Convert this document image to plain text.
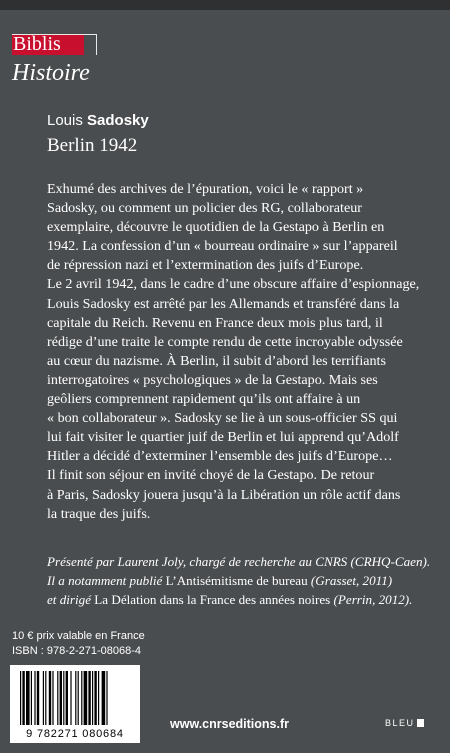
Biblis
Histoire
Louis Sadosky
Berlin 1942
Exhumé des archives de l’épuration, voici le « rapport »
Sadosky, ou comment un policier des RG, collaborateur
exemplaire, découvre le quotidien de la Gestapo à Berlin en
1942. La confession d’un « bourreau ordinaire » sur l’appareil
de répression nazi et l’extermination des juifs d’Europe.
Le 2 avril 1942, dans le cadre d’une obscure affaire d’espionnage,
Louis Sadosky est arrêté par les Allemands et transféré dans la
capitale du Reich. Revenu en France deux mois plus tard, il
rédige d’une traite le compte rendu de cette incroyable odyssée
au cœur du nazisme. À Berlin, il subit d’abord les terrifiants
interrogatoires « psychologiques » de la Gestapo. Mais ses
geôliers comprennent rapidement qu’ils ont affaire à un
« bon collaborateur ». Sadosky se lie à un sous-officier SS qui
lui fait visiter le quartier juif de Berlin et lui apprend qu’Adolf
Hitler a décidé d’exterminer l’ensemble des juifs d’Europe…
Il finit son séjour en invité choyé de la Gestapo. De retour
à Paris, Sadosky jouera jusqu’à la Libération un rôle actif dans
la traque des juifs.
Présenté par Laurent Joly, chargé de recherche au CNRS (CRHQ-Caen).
Il a notamment publié L’Antisémitisme de bureau (Grasset, 2011)
et dirigé La Délation dans la France des années noires (Perrin, 2012).
10 € prix valable en France
ISBN : 978-2-271-08068-4
9 782271 080684
www.cnrseditions.fr	BLEU
